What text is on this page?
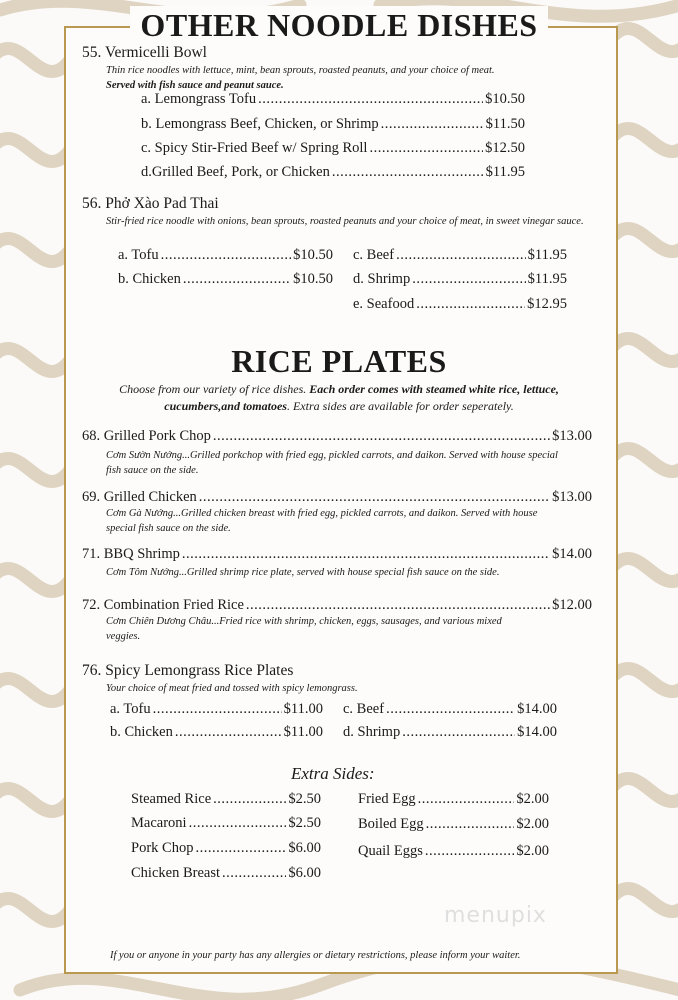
OTHER NOODLE DISHES
55. Vermicelli Bowl
Thin rice noodles with lettuce, mint, bean sprouts, roasted peanuts, and your choice of meat.
Served with fish sauce and peanut sauce.
a. Lemongrass Tofu .....	$10.50
b. Lemongrass Beef, Chicken, or Shrimp .....	$11.50
c. Spicy Stir-Fried Beef w/ Spring Roll .....	$12.50
d.Grilled Beef, Pork, or Chicken .....	$11.95
56. Phở Xào Pad Thai
Stir-fried rice noodle with onions, bean sprouts, roasted peanuts and your choice of meat, in sweet vinegar sauce.
a. Tofu .....	$10.50
b. Chicken .....	$10.50
c. Beef .....	$11.95
d. Shrimp .....	$11.95
e. Seafood .....	$12.95
RICE PLATES
Choose from our variety of rice dishes. Each order comes with steamed white rice, lettuce, cucumbers,and tomatoes. Extra sides are available for order seperately.
68. Grilled Pork Chop .....	$13.00
Cơm Sườn Nướng...Grilled porkchop with fried egg, pickled carrots, and daikon. Served with house special fish sauce on the side.
69. Grilled Chicken .....	$13.00
Cơm Gà Nướng...Grilled chicken breast with fried egg, pickled carrots, and daikon. Served with house special fish sauce on the side.
71. BBQ Shrimp .....	$14.00
Cơm Tôm Nướng...Grilled shrimp rice plate, served with house special fish sauce on the side.
72. Combination Fried Rice .....	$12.00
Cơm Chiên Dương Châu...Fried rice with shrimp, chicken, eggs, sausages, and various mixed veggies.
76. Spicy Lemongrass Rice Plates
Your choice of meat fried and tossed with spicy lemongrass.
a. Tofu .....	$11.00
b. Chicken .....	$11.00
c. Beef .....	$14.00
d. Shrimp .....	$14.00
Extra Sides:
Steamed Rice .....	$2.50
Macaroni .....	$2.50
Pork Chop .....	$6.00
Chicken Breast .....	$6.00
Fried Egg .....	$2.00
Boiled Egg .....	$2.00
Quail Eggs .....	$2.00
menupix
If you or anyone in your party has any allergies or dietary restrictions, please inform your waiter.
